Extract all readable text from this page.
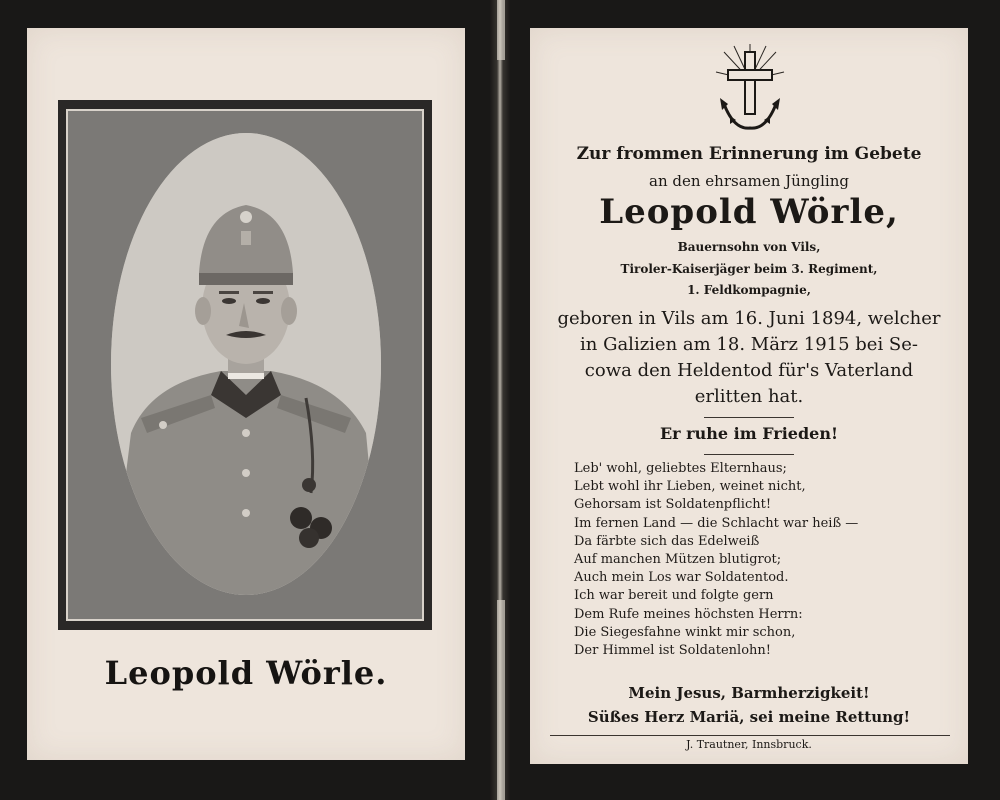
Leopold Wörle.
Zur frommen Erinnerung im Gebete
an den ehrsamen Jüngling
Leopold Wörle,
Bauernsohn von Vils,
Tiroler-Kaiserjäger beim 3. Regiment,
1. Feldkompagnie,
geboren in Vils am 16. Juni 1894, welcher
in Galizien am 18. März 1915 bei Se-
cowa den Heldentod für's Vaterland
erlitten hat.
Er ruhe im Frieden!
Leb' wohl, geliebtes Elternhaus;
Lebt wohl ihr Lieben, weinet nicht,
Gehorsam ist Soldatenpflicht!
Im fernen Land — die Schlacht war heiß —
Da färbte sich das Edelweiß
Auf manchen Mützen blutigrot;
Auch mein Los war Soldatentod.
Ich war bereit und folgte gern
Dem Rufe meines höchsten Herrn:
Die Siegesfahne winkt mir schon,
Der Himmel ist Soldatenlohn!
Mein Jesus, Barmherzigkeit!
Süßes Herz Mariä, sei meine Rettung!
J. Trautner, Innsbruck.
